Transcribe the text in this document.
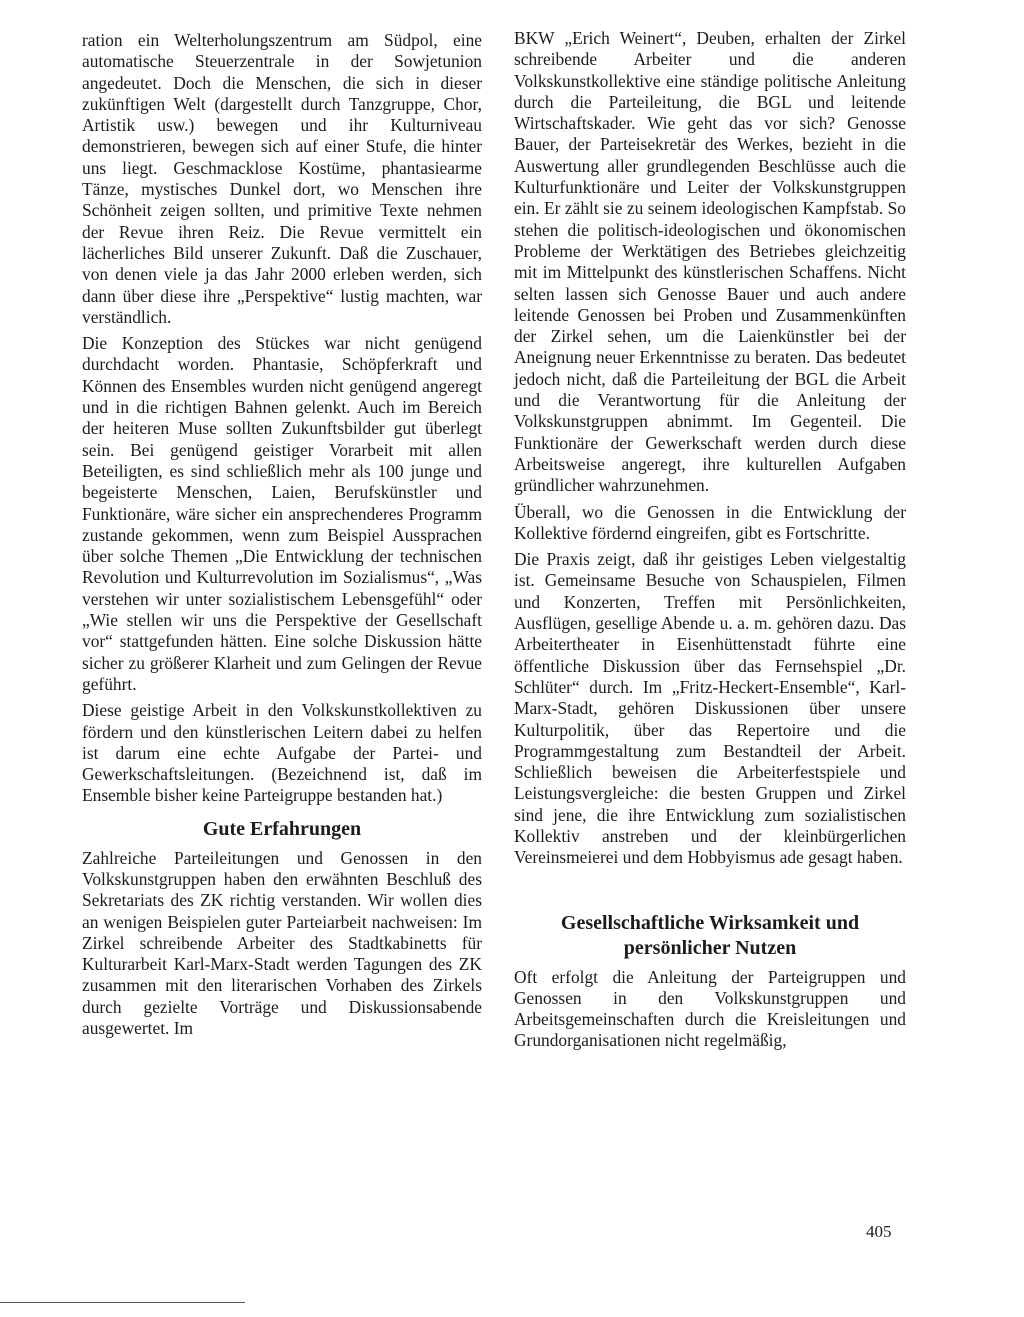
ration ein Welterholungszentrum am Südpol, eine automatische Steuerzentrale in der Sowjetunion angedeutet. Doch die Menschen, die sich in dieser zukünftigen Welt (dargestellt durch Tanzgruppe, Chor, Artistik usw.) bewegen und ihr Kulturniveau demonstrieren, bewegen sich auf einer Stufe, die hinter uns liegt. Geschmacklose Kostüme, phantasiearme Tänze, mystisches Dunkel dort, wo Menschen ihre Schönheit zeigen sollten, und primitive Texte nehmen der Revue ihren Reiz. Die Revue vermittelt ein lächerliches Bild unserer Zukunft. Daß die Zuschauer, von denen viele ja das Jahr 2000 erleben werden, sich dann über diese ihre „Perspektive“ lustig machten, war verständlich.

Die Konzeption des Stückes war nicht genügend durchdacht worden. Phantasie, Schöpferkraft und Können des Ensembles wurden nicht genügend angeregt und in die richtigen Bahnen gelenkt. Auch im Bereich der heiteren Muse sollten Zukunftsbilder gut überlegt sein. Bei genügend geistiger Vorarbeit mit allen Beteiligten, es sind schließlich mehr als 100 junge und begeisterte Menschen, Laien, Berufskünstler und Funktionäre, wäre sicher ein ansprechenderes Programm zustande gekommen, wenn zum Beispiel Aussprachen über solche Themen „Die Entwicklung der technischen Revolution und Kulturrevolution im Sozialismus“, „Was verstehen wir unter sozialistischem Lebensgefühl“ oder „Wie stellen wir uns die Perspektive der Gesellschaft vor“ stattgefunden hätten. Eine solche Diskussion hätte sicher zu größerer Klarheit und zum Gelingen der Revue geführt.

Diese geistige Arbeit in den Volkskunstkollektiven zu fördern und den künstlerischen Leitern dabei zu helfen ist darum eine echte Aufgabe der Partei- und Gewerkschaftsleitungen. (Bezeichnend ist, daß im Ensemble bisher keine Parteigruppe bestanden hat.)

Gute Erfahrungen

Zahlreiche Parteileitungen und Genossen in den Volkskunstgruppen haben den erwähnten Beschluß des Sekretariats des ZK richtig verstanden. Wir wollen dies an wenigen Beispielen guter Parteiarbeit nachweisen: Im Zirkel schreibende Arbeiter des Stadtkabinetts für Kulturarbeit Karl-Marx-Stadt werden Tagungen des ZK zusammen mit den literarischen Vorhaben des Zirkels durch gezielte Vorträge und Diskussionsabende ausgewertet. Im

BKW „Erich Weinert“, Deuben, erhalten der Zirkel schreibende Arbeiter und die anderen Volkskunstkollektive eine ständige politische Anleitung durch die Parteileitung, die BGL und leitende Wirtschaftskader. Wie geht das vor sich? Genosse Bauer, der Parteisekretär des Werkes, bezieht in die Auswertung aller grundlegenden Beschlüsse auch die Kulturfunktionäre und Leiter der Volkskunstgruppen ein. Er zählt sie zu seinem ideologischen Kampfstab. So stehen die politisch-ideologischen und ökonomischen Probleme der Werktätigen des Betriebes gleichzeitig mit im Mittelpunkt des künstlerischen Schaffens. Nicht selten lassen sich Genosse Bauer und auch andere leitende Genossen bei Proben und Zusammenkünften der Zirkel sehen, um die Laienkünstler bei der Aneignung neuer Erkenntnisse zu beraten. Das bedeutet jedoch nicht, daß die Parteileitung der BGL die Arbeit und die Verantwortung für die Anleitung der Volkskunstgruppen abnimmt. Im Gegenteil. Die Funktionäre der Gewerkschaft werden durch diese Arbeitsweise angeregt, ihre kulturellen Aufgaben gründlicher wahrzunehmen.

Überall, wo die Genossen in die Entwicklung der Kollektive fördernd eingreifen, gibt es Fortschritte.

Die Praxis zeigt, daß ihr geistiges Leben vielgestaltig ist. Gemeinsame Besuche von Schauspielen, Filmen und Konzerten, Treffen mit Persönlichkeiten, Ausflügen, gesellige Abende u. a. m. gehören dazu. Das Arbeitertheater in Eisenhüttenstadt führte eine öffentliche Diskussion über das Fernsehspiel „Dr. Schlüter“ durch. Im „Fritz-Heckert-Ensemble“, Karl-Marx-Stadt, gehören Diskussionen über unsere Kulturpolitik, über das Repertoire und die Programmgestaltung zum Bestandteil der Arbeit. Schließlich beweisen die Arbeiterfestspiele und Leistungsvergleiche: die besten Gruppen und Zirkel sind jene, die ihre Entwicklung zum sozialistischen Kollektiv anstreben und der kleinbürgerlichen Vereinsmeierei und dem Hobbyismus ade gesagt haben.

Gesellschaftliche Wirksamkeit und persönlicher Nutzen

Oft erfolgt die Anleitung der Parteigruppen und Genossen in den Volkskunstgruppen und Arbeitsgemeinschaften durch die Kreisleitungen und Grundorganisationen nicht regelmäßig,

405
